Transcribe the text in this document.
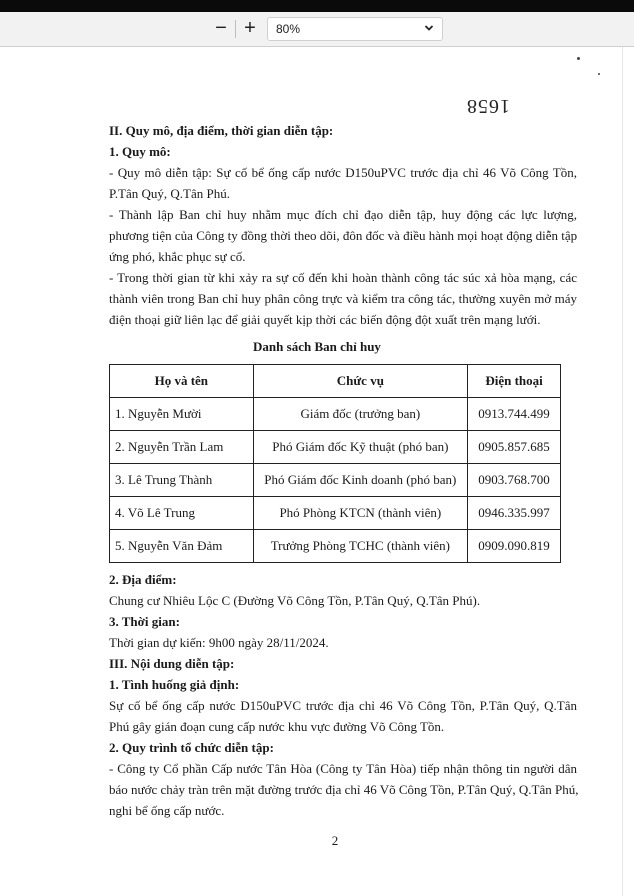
− + 80%
1658
II. Quy mô, địa điểm, thời gian diễn tập:
1. Quy mô:
- Quy mô diễn tập: Sự cố bể ống cấp nước D150uPVC trước địa chỉ 46 Võ Công Tồn,
P.Tân Quý, Q.Tân Phú.
- Thành lập Ban chỉ huy nhằm mục đích chỉ đạo diễn tập, huy động các lực lượng,
phương tiện của Công ty đồng thời theo dõi, đôn đốc và điều hành mọi hoạt động diễn tập
ứng phó, khắc phục sự cố.
- Trong thời gian từ khi xảy ra sự cố đến khi hoàn thành công tác súc xả hòa mạng, các
thành viên trong Ban chỉ huy phân công trực và kiểm tra công tác, thường xuyên mở máy
điện thoại giữ liên lạc để giải quyết kịp thời các biến động đột xuất trên mạng lưới.
Danh sách Ban chỉ huy
Họ và tên	Chức vụ	Điện thoại
1. Nguyễn Mười	Giám đốc (trưởng ban)	0913.744.499
2. Nguyễn Trần Lam	Phó Giám đốc Kỹ thuật (phó ban)	0905.857.685
3. Lê Trung Thành	Phó Giám đốc Kinh doanh (phó ban)	0903.768.700
4. Võ Lê Trung	Phó Phòng KTCN (thành viên)	0946.335.997
5. Nguyễn Văn Đảm	Trưởng Phòng TCHC (thành viên)	0909.090.819
2. Địa điểm:
Chung cư Nhiêu Lộc C (Đường Võ Công Tồn, P.Tân Quý, Q.Tân Phú).
3. Thời gian:
Thời gian dự kiến: 9h00 ngày 28/11/2024.
III. Nội dung diễn tập:
1. Tình huống giả định:
Sự cố bể ống cấp nước D150uPVC trước địa chỉ 46 Võ Công Tồn, P.Tân Quý, Q.Tân
Phú gây gián đoạn cung cấp nước khu vực đường Võ Công Tồn.
2. Quy trình tổ chức diễn tập:
- Công ty Cổ phần Cấp nước Tân Hòa (Công ty Tân Hòa) tiếp nhận thông tin người dân
báo nước chảy tràn trên mặt đường trước địa chỉ 46 Võ Công Tồn, P.Tân Quý, Q.Tân Phú,
nghi bể ống cấp nước.
2
